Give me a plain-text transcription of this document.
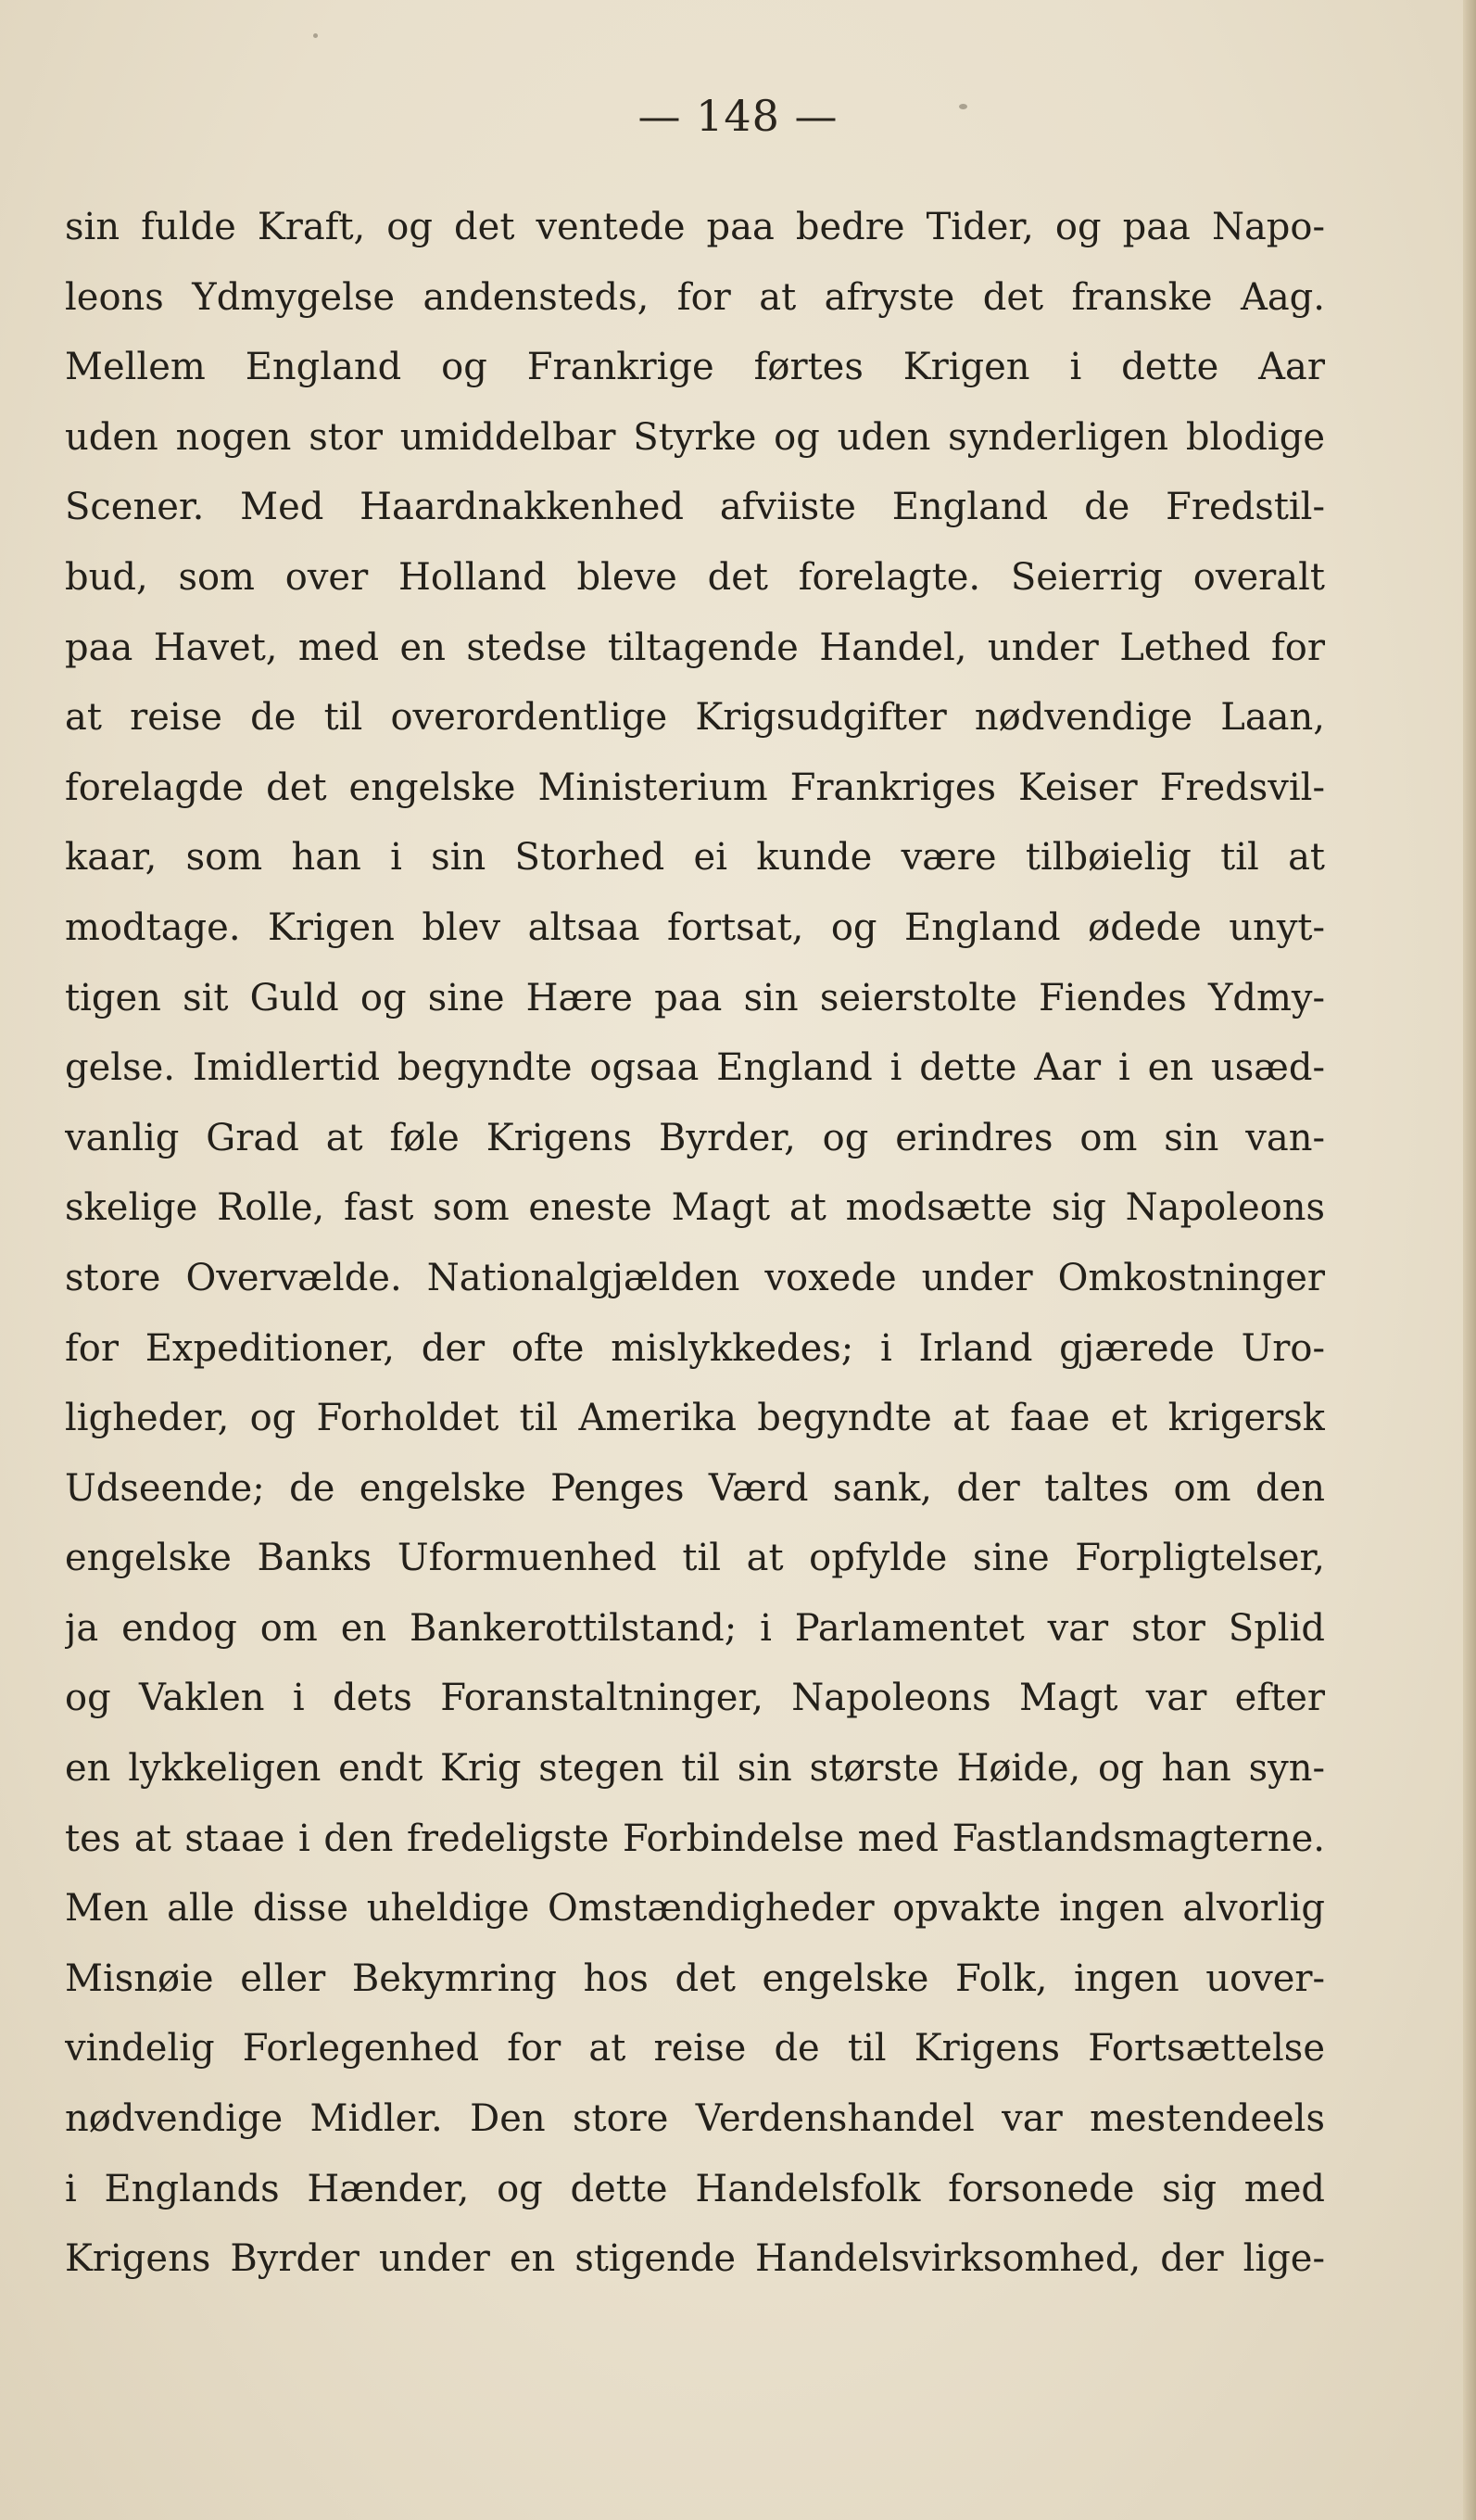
— 148 —
sin fulde Kraft, og det ventede paa bedre Tider, og paa Napo-
leons Ydmygelse andensteds, for at afryste det franske Aag.
Mellem England og Frankrige førtes Krigen i dette Aar
uden nogen stor umiddelbar Styrke og uden synderligen blodige
Scener. Med Haardnakkenhed afviiste England de Fredstil-
bud, som over Holland bleve det forelagte. Seierrig overalt
paa Havet, med en stedse tiltagende Handel, under Lethed for
at reise de til overordentlige Krigsudgifter nødvendige Laan,
forelagde det engelske Ministerium Frankriges Keiser Fredsvil-
kaar, som han i sin Storhed ei kunde være tilbøielig til at
modtage. Krigen blev altsaa fortsat, og England ødede unyt-
tigen sit Guld og sine Hære paa sin seierstolte Fiendes Ydmy-
gelse. Imidlertid begyndte ogsaa England i dette Aar i en usæd-
vanlig Grad at føle Krigens Byrder, og erindres om sin van-
skelige Rolle, fast som eneste Magt at modsætte sig Napoleons
store Overvælde. Nationalgjælden voxede under Omkostninger
for Expeditioner, der ofte mislykkedes; i Irland gjærede Uro-
ligheder, og Forholdet til Amerika begyndte at faae et krigersk
Udseende; de engelske Penges Værd sank, der taltes om den
engelske Banks Uformuenhed til at opfylde sine Forpligtelser,
ja endog om en Bankerottilstand; i Parlamentet var stor Splid
og Vaklen i dets Foranstaltninger, Napoleons Magt var efter
en lykkeligen endt Krig stegen til sin største Høide, og han syn-
tes at staae i den fredeligste Forbindelse med Fastlandsmagterne.
Men alle disse uheldige Omstændigheder opvakte ingen alvorlig
Misnøie eller Bekymring hos det engelske Folk, ingen uover-
vindelig Forlegenhed for at reise de til Krigens Fortsættelse
nødvendige Midler. Den store Verdenshandel var mestendeels
i Englands Hænder, og dette Handelsfolk forsonede sig med
Krigens Byrder under en stigende Handelsvirksomhed, der lige-
